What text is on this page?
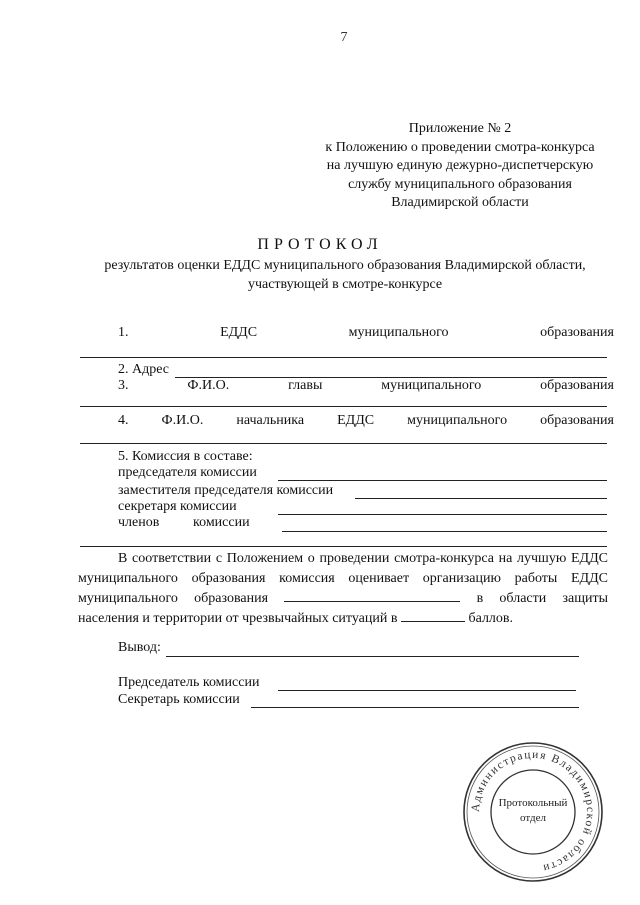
7
Приложение № 2
к Положению о проведении смотра-конкурса
на лучшую единую дежурно-диспетчерскую
службу муниципального образования
Владимирской области
ПРОТОКОЛ
результатов оценки ЕДДС муниципального образования Владимирской области,
участвующей в смотре-конкурсе
1.	ЕДДС	муниципального	образования
2. Адрес
3.	Ф.И.О.	главы	муниципального	образования
4. Ф.И.О. начальника ЕДДС муниципального образования
5. Комиссия в составе:
председателя комиссии
заместителя председателя комиссии
секретаря комиссии
членов комиссии
В соответствии с Положением о проведении смотра-конкурса на лучшую ЕДДС муниципального образования комиссия оценивает организацию работы ЕДДС муниципального образования	в области защиты населения и территории от чрезвычайных ситуаций в	баллов.
Вывод:
Председатель комиссии
Секретарь комиссии
Администрация Владимирской области
Протокольный
отдел
